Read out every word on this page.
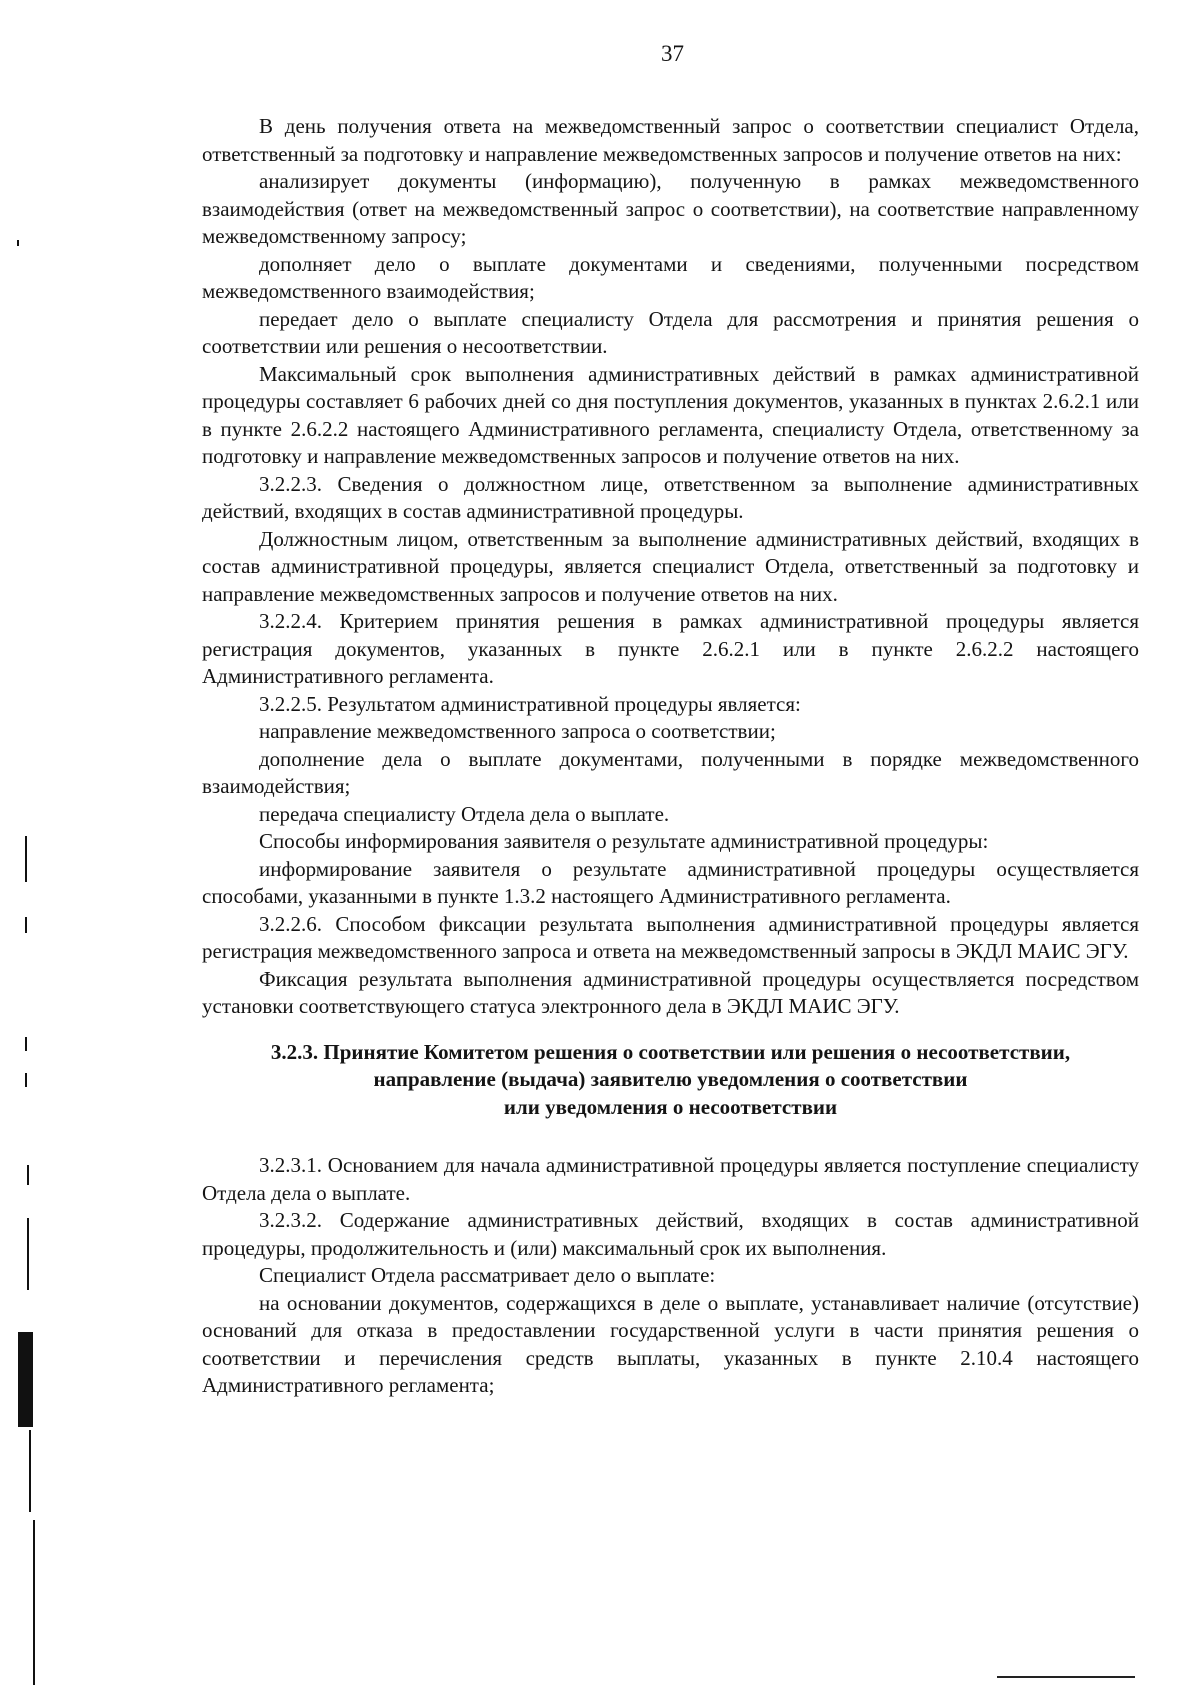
37

В день получения ответа на межведомственный запрос о соответствии специалист Отдела, ответственный за подготовку и направление межведомственных запросов и получение ответов на них:

анализирует документы (информацию), полученную в рамках межведомственного взаимодействия (ответ на межведомственный запрос о соответствии), на соответствие направленному межведомственному запросу;

дополняет дело о выплате документами и сведениями, полученными посредством межведомственного взаимодействия;

передает дело о выплате специалисту Отдела для рассмотрения и принятия решения о соответствии или решения о несоответствии.

Максимальный срок выполнения административных действий в рамках административной процедуры составляет 6 рабочих дней со дня поступления документов, указанных в пунктах 2.6.2.1 или в пункте 2.6.2.2 настоящего Административного регламента, специалисту Отдела, ответственному за подготовку и направление межведомственных запросов и получение ответов на них.

3.2.2.3. Сведения о должностном лице, ответственном за выполнение административных действий, входящих в состав административной процедуры.

Должностным лицом, ответственным за выполнение административных действий, входящих в состав административной процедуры, является специалист Отдела, ответственный за подготовку и направление межведомственных запросов и получение ответов на них.

3.2.2.4. Критерием принятия решения в рамках административной процедуры является регистрация документов, указанных в пункте 2.6.2.1 или в пункте 2.6.2.2 настоящего Административного регламента.

3.2.2.5. Результатом административной процедуры является:

направление межведомственного запроса о соответствии;

дополнение дела о выплате документами, полученными в порядке межведомственного взаимодействия;

передача специалисту Отдела дела о выплате.

Способы информирования заявителя о результате административной процедуры:

информирование заявителя о результате административной процедуры осуществляется способами, указанными в пункте 1.3.2 настоящего Административного регламента.

3.2.2.6. Способом фиксации результата выполнения административной процедуры является регистрация межведомственного запроса и ответа на межведомственный запросы в ЭКДЛ МАИС ЭГУ.

Фиксация результата выполнения административной процедуры осуществляется посредством установки соответствующего статуса электронного дела в ЭКДЛ МАИС ЭГУ.

3.2.3. Принятие Комитетом решения о соответствии или решения о несоответствии,
направление (выдача) заявителю уведомления о соответствии
или уведомления о несоответствии

3.2.3.1. Основанием для начала административной процедуры является поступление специалисту Отдела дела о выплате.

3.2.3.2. Содержание административных действий, входящих в состав административной процедуры, продолжительность и (или) максимальный срок их выполнения.

Специалист Отдела рассматривает дело о выплате:

на основании документов, содержащихся в деле о выплате, устанавливает наличие (отсутствие) оснований для отказа в предоставлении государственной услуги в части принятия решения о соответствии и перечисления средств выплаты, указанных в пункте 2.10.4 настоящего Административного регламента;
